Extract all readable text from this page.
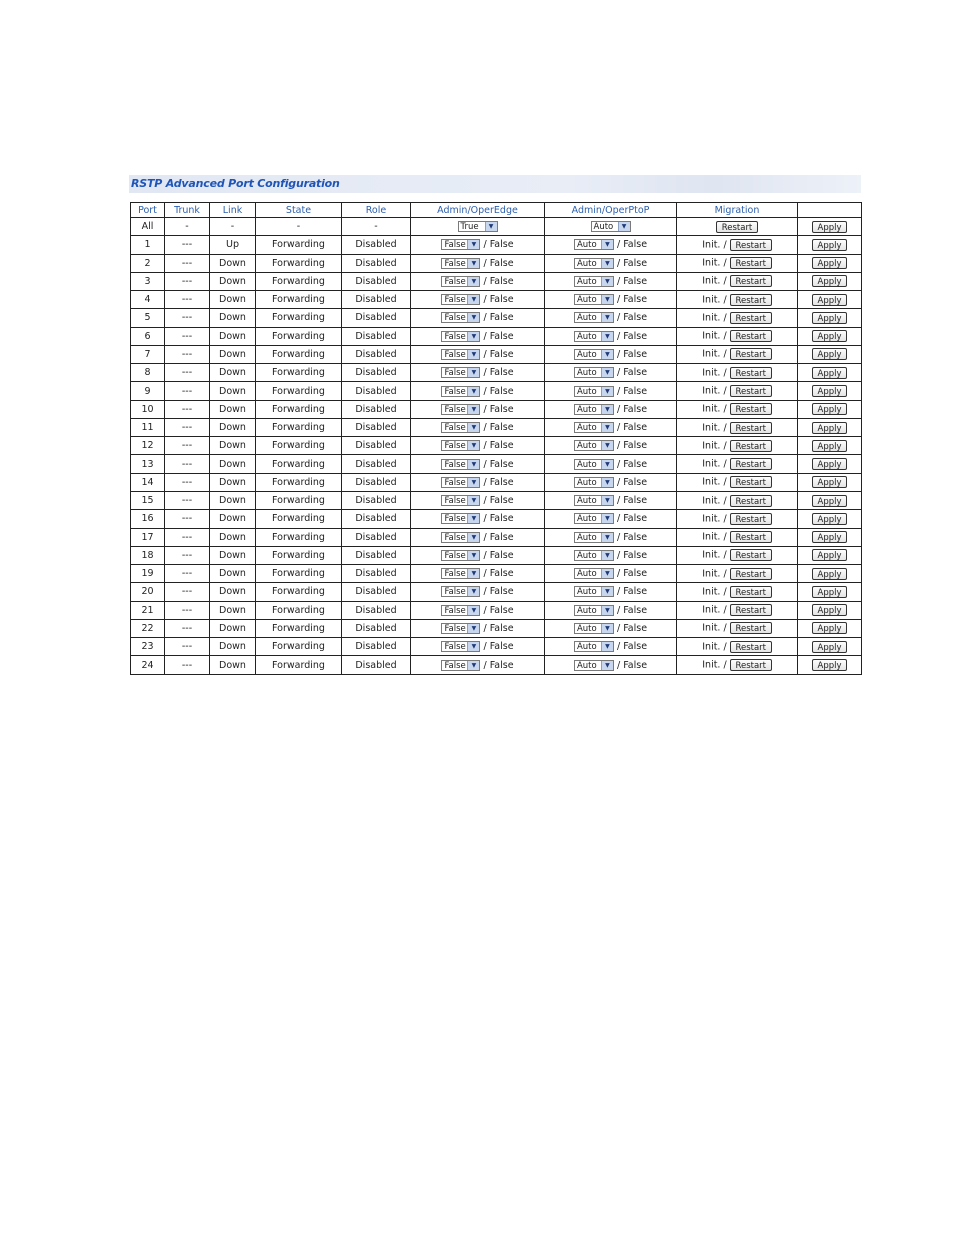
RSTP Advanced Port Configuration
Port	Trunk	Link	State	Role	Admin/OperEdge	Admin/OperPtoP	Migration	
All	-	-	-	-	True ▼	Auto ▼	Restart	Apply
1	---	Up	Forwarding	Disabled	False ▼ / False	Auto ▼ / False	Init. / Restart	Apply
2	---	Down	Forwarding	Disabled	False ▼ / False	Auto ▼ / False	Init. / Restart	Apply
3	---	Down	Forwarding	Disabled	False ▼ / False	Auto ▼ / False	Init. / Restart	Apply
4	---	Down	Forwarding	Disabled	False ▼ / False	Auto ▼ / False	Init. / Restart	Apply
5	---	Down	Forwarding	Disabled	False ▼ / False	Auto ▼ / False	Init. / Restart	Apply
6	---	Down	Forwarding	Disabled	False ▼ / False	Auto ▼ / False	Init. / Restart	Apply
7	---	Down	Forwarding	Disabled	False ▼ / False	Auto ▼ / False	Init. / Restart	Apply
8	---	Down	Forwarding	Disabled	False ▼ / False	Auto ▼ / False	Init. / Restart	Apply
9	---	Down	Forwarding	Disabled	False ▼ / False	Auto ▼ / False	Init. / Restart	Apply
10	---	Down	Forwarding	Disabled	False ▼ / False	Auto ▼ / False	Init. / Restart	Apply
11	---	Down	Forwarding	Disabled	False ▼ / False	Auto ▼ / False	Init. / Restart	Apply
12	---	Down	Forwarding	Disabled	False ▼ / False	Auto ▼ / False	Init. / Restart	Apply
13	---	Down	Forwarding	Disabled	False ▼ / False	Auto ▼ / False	Init. / Restart	Apply
14	---	Down	Forwarding	Disabled	False ▼ / False	Auto ▼ / False	Init. / Restart	Apply
15	---	Down	Forwarding	Disabled	False ▼ / False	Auto ▼ / False	Init. / Restart	Apply
16	---	Down	Forwarding	Disabled	False ▼ / False	Auto ▼ / False	Init. / Restart	Apply
17	---	Down	Forwarding	Disabled	False ▼ / False	Auto ▼ / False	Init. / Restart	Apply
18	---	Down	Forwarding	Disabled	False ▼ / False	Auto ▼ / False	Init. / Restart	Apply
19	---	Down	Forwarding	Disabled	False ▼ / False	Auto ▼ / False	Init. / Restart	Apply
20	---	Down	Forwarding	Disabled	False ▼ / False	Auto ▼ / False	Init. / Restart	Apply
21	---	Down	Forwarding	Disabled	False ▼ / False	Auto ▼ / False	Init. / Restart	Apply
22	---	Down	Forwarding	Disabled	False ▼ / False	Auto ▼ / False	Init. / Restart	Apply
23	---	Down	Forwarding	Disabled	False ▼ / False	Auto ▼ / False	Init. / Restart	Apply
24	---	Down	Forwarding	Disabled	False ▼ / False	Auto ▼ / False	Init. / Restart	Apply
